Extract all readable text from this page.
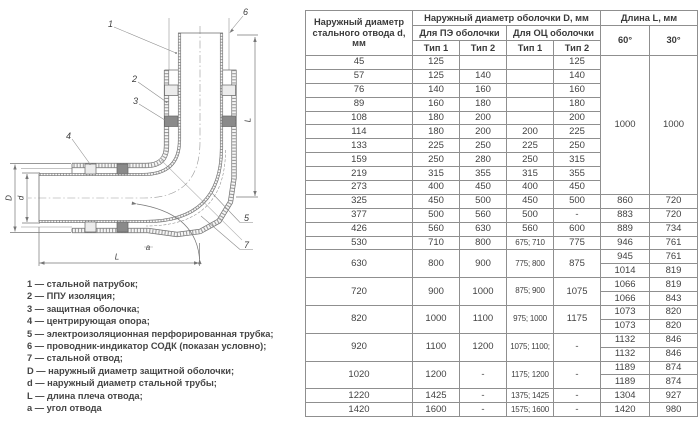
L
D d
L
a
1
6
2
3
4
5
7
1 — стальной патрубок;
2 — ППУ изоляция;
3 — защитная оболочка;
4 — центрирующая опора;
5 — электроизоляционная перфорированная трубка;
6 — проводник-индикатор СОДК (показан условно);
7 — стальной отвод;
D — наружный диаметр защитной оболочки;
d — наружный диаметр стальной трубы;
L — длина плеча отвода;
a — угол отвода
Наружный диаметр стального отвода d, мм	Наружный диаметр оболочки D, мм				Длина L, мм	
	Для ПЭ оболочки		Для ОЦ оболочки		60°	30°
	Тип 1	Тип 2	Тип 1	Тип 2		
45	125			125	1000	1000
57	125	140		140		
76	140	160		160		
89	160	180		180		
108	180	200		200		
114	180	200	200	225		
133	225	250	225	250		
159	250	280	250	315		
219	315	355	315	355		
273	400	450	400	450		
325	450	500	450	500	860	720
377	500	560	500	-	883	720
426	560	630	560	600	889	734
530	710	800	675; 710	775	946	761
630	800	900	775; 800	875	945	761
					1014	819
720	900	1000	875; 900	1075	1066	819
					1066	843
820	1000	1100	975; 1000	1175	1073	820
					1073	820
920	1100	1200	1075; 1100;	-	1132	846
					1132	846
1020	1200	-	1175; 1200	-	1189	874
					1189	874
1220	1425	-	1375; 1425	-	1304	927
1420	1600	-	1575; 1600	-	1420	980
